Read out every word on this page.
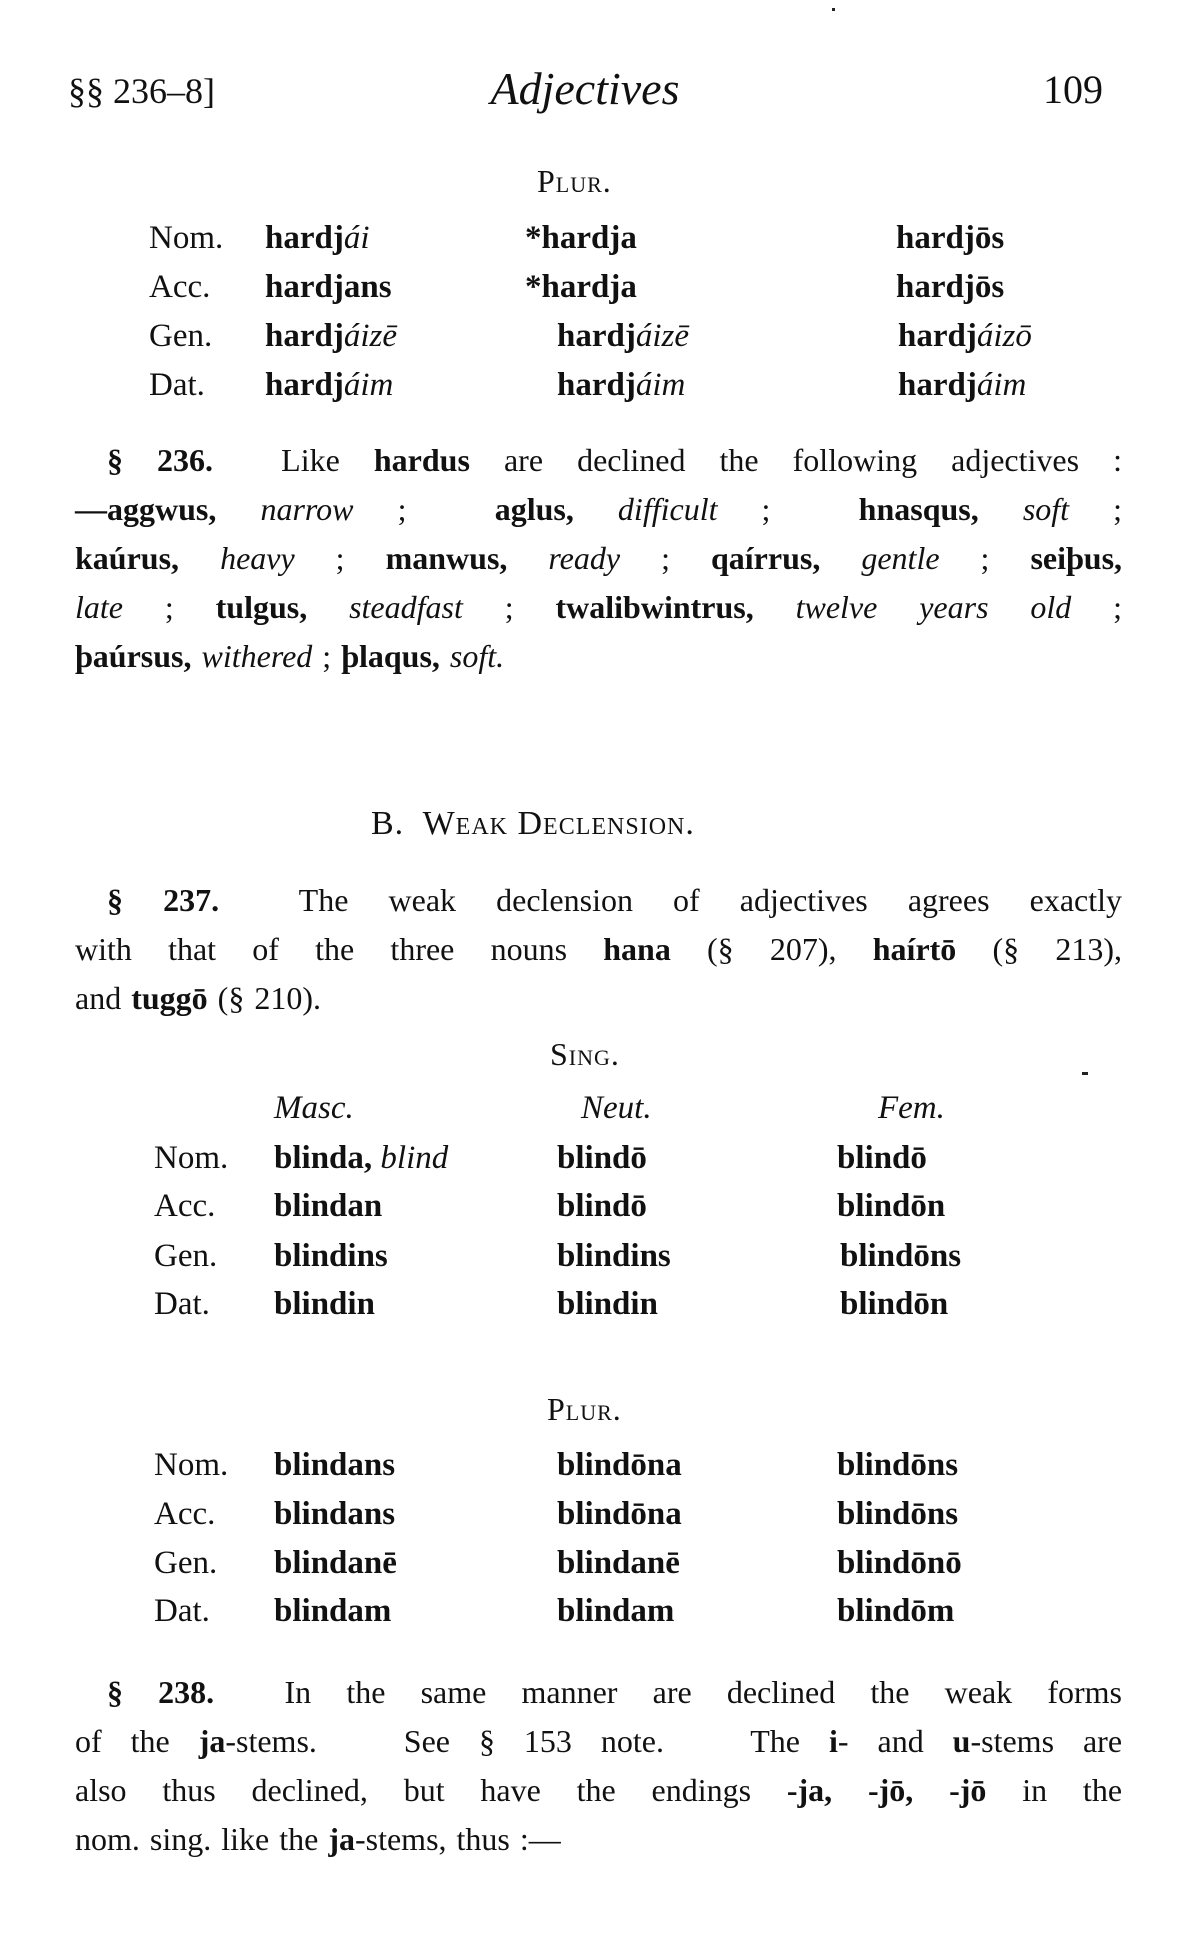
§§ 236–8]	Adjectives	109
Plur.
Nom. hardjái	*hardja	hardjōs
Acc. hardjans	*hardja	hardjōs
Gen. hardjáizē	hardjáizē	hardjáizō
Dat. hardjáim	hardjáim	hardjáim
§ 236.  Like hardus are declined the following adjectives :
—aggwus, narrow ;  aglus, difficult ;  hnasqus, soft ;
kaúrus, heavy ; manwus, ready ; qaírrus, gentle ; seiþus,
late ; tulgus, steadfast ; twalibwintrus, twelve years old ;
þaúrsus, withered ; þlaqus, soft.
B.  Weak Declension.
§ 237.  The weak declension of adjectives agrees exactly
with that of the three nouns hana (§ 207), haírtō (§ 213),
and tuggō (§ 210).
Sing.
Masc.	Neut.	Fem.
Nom. blinda, blind	blindō	blindō
Acc. blindan	blindō	blindōn
Gen. blindins	blindins	blindōns
Dat. blindin	blindin	blindōn
Plur.
Nom. blindans	blindōna	blindōns
Acc. blindans	blindōna	blindōns
Gen. blindanē	blindanē	blindōnō
Dat. blindam	blindam	blindōm
§ 238.  In the same manner are declined the weak forms
of the ja-stems.   See § 153 note.   The i- and u-stems are
also thus declined, but have the endings -ja, -jō, -jō in the
nom. sing. like the ja-stems, thus :—
